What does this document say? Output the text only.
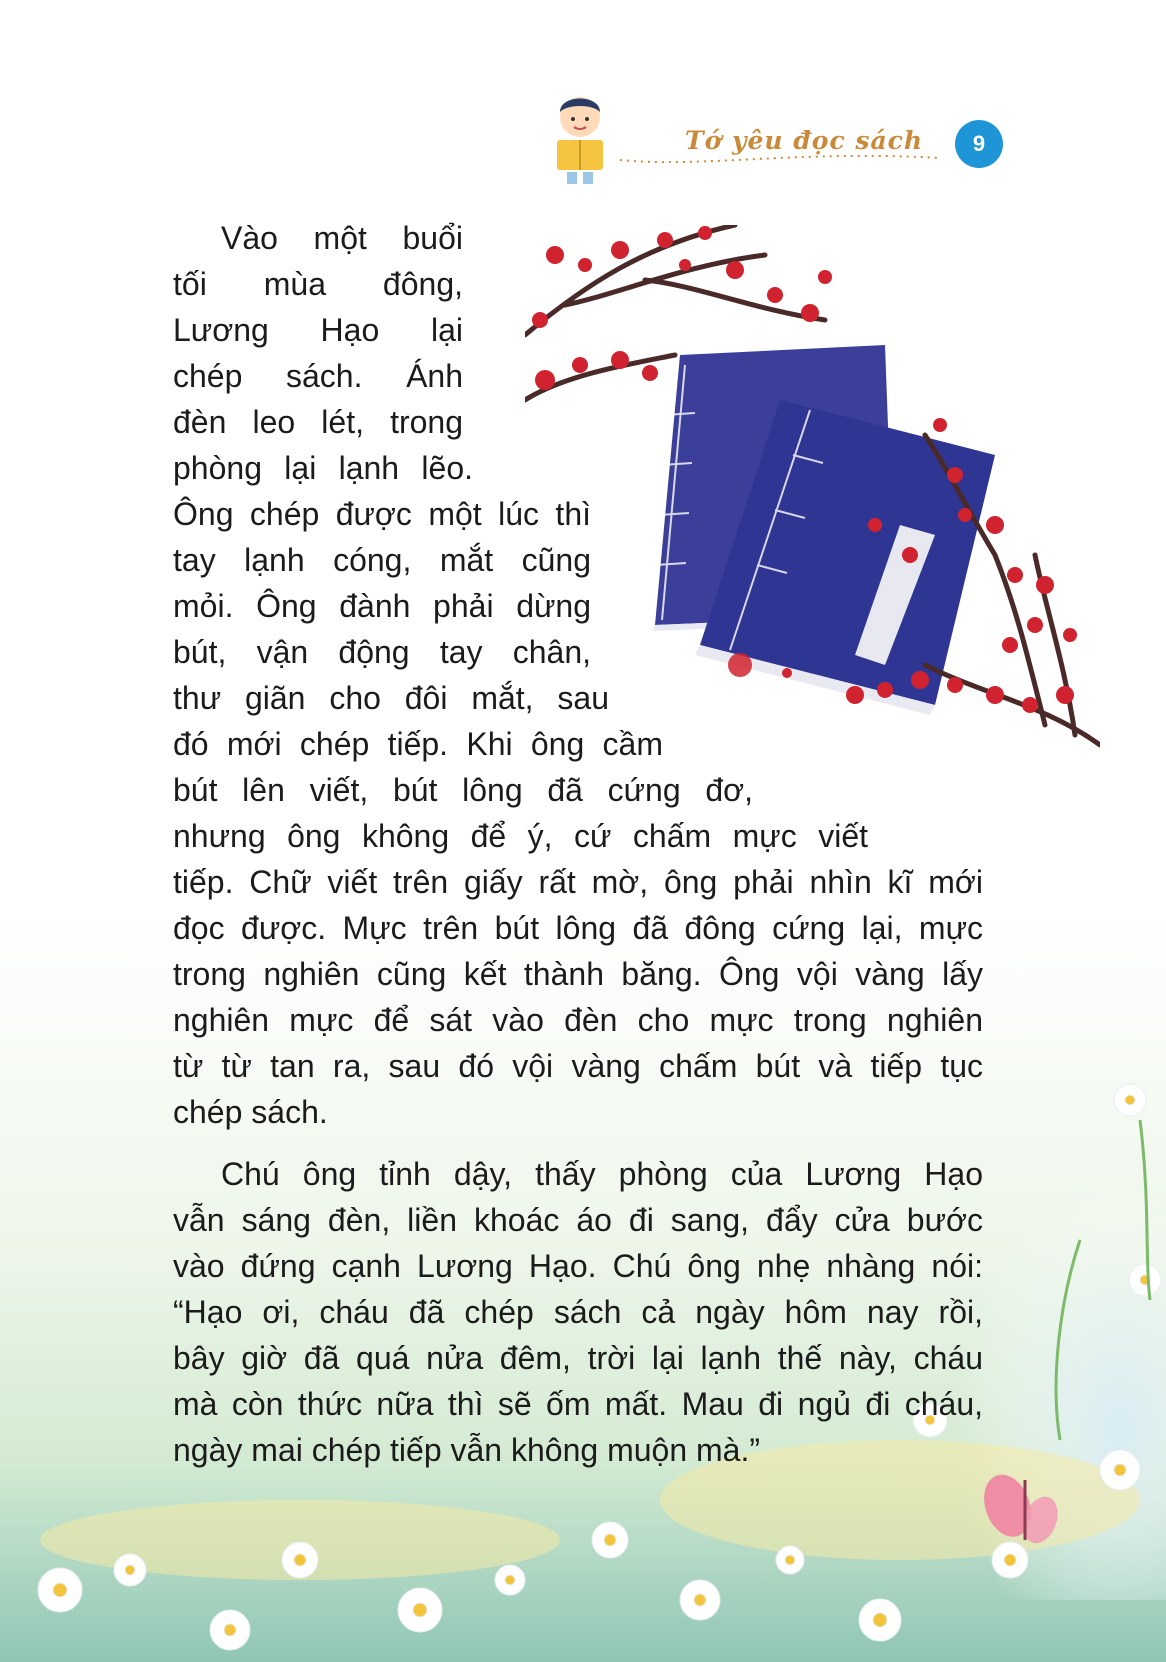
Tớ yêu đọc sách	9

Vào một buổi
tối mùa đông,
Lương Hạo lại
chép sách. Ánh
đèn leo lét, trong
phòng lại lạnh lẽo.
Ông chép được một lúc thì
tay lạnh cóng, mắt cũng
mỏi. Ông đành phải dừng
bút, vận động tay chân,
thư giãn cho đôi mắt, sau
đó mới chép tiếp. Khi ông cầm
bút lên viết, bút lông đã cứng đơ,
nhưng ông không để ý, cứ chấm mực viết
tiếp. Chữ viết trên giấy rất mờ, ông phải nhìn kĩ mới
đọc được. Mực trên bút lông đã đông cứng lại, mực
trong nghiên cũng kết thành băng. Ông vội vàng lấy
nghiên mực để sát vào đèn cho mực trong nghiên
từ từ tan ra, sau đó vội vàng chấm bút và tiếp tục
chép sách.

Chú ông tỉnh dậy, thấy phòng của Lương Hạo
vẫn sáng đèn, liền khoác áo đi sang, đẩy cửa bước
vào đứng cạnh Lương Hạo. Chú ông nhẹ nhàng nói:
“Hạo ơi, cháu đã chép sách cả ngày hôm nay rồi,
bây giờ đã quá nửa đêm, trời lại lạnh thế này, cháu
mà còn thức nữa thì sẽ ốm mất. Mau đi ngủ đi cháu,
ngày mai chép tiếp vẫn không muộn mà.”
